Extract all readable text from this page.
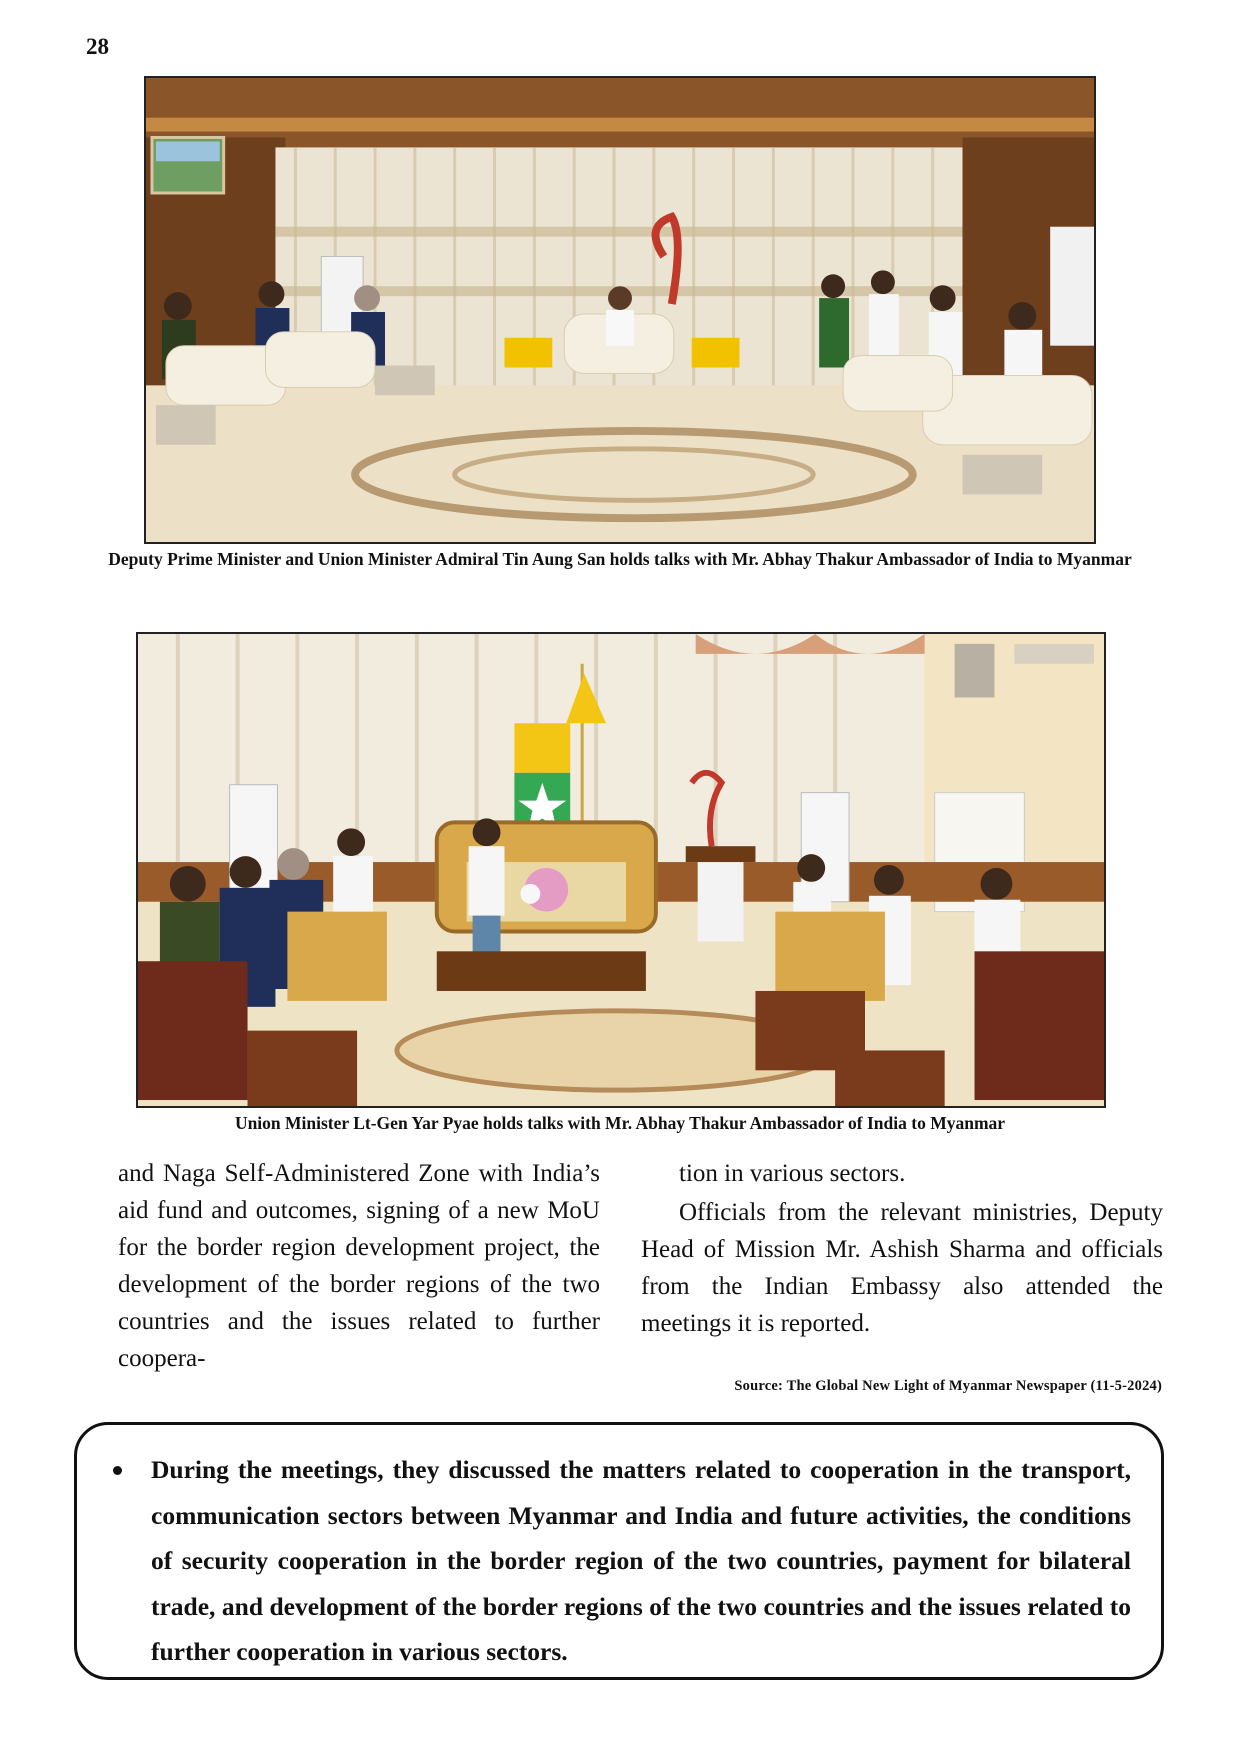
28
Deputy Prime Minister and Union Minister Admiral Tin Aung San holds talks with Mr. Abhay Thakur Ambassador of India to Myanmar
Union Minister Lt-Gen Yar Pyae holds talks with Mr. Abhay Thakur Ambassador of India to Myanmar

and Naga Self-Administered Zone with India’s aid fund and outcomes, signing of a new MoU for the border region development project, the development of the border regions of the two countries and the issues related to further coopera-

tion in various sectors.

Officials from the relevant ministries, Deputy Head of Mission Mr. Ashish Sharma and officials from the Indian Embassy also attended the meetings it is reported.

Source: The Global New Light of Myanmar Newspaper (11-5-2024)

During the meetings, they discussed the matters related to cooperation in the transport, communication sectors between Myanmar and India and future activities, the conditions of security cooperation in the border region of the two countries, payment for bilateral trade, and development of the border regions of the two countries and the issues related to further cooperation in various sectors.
